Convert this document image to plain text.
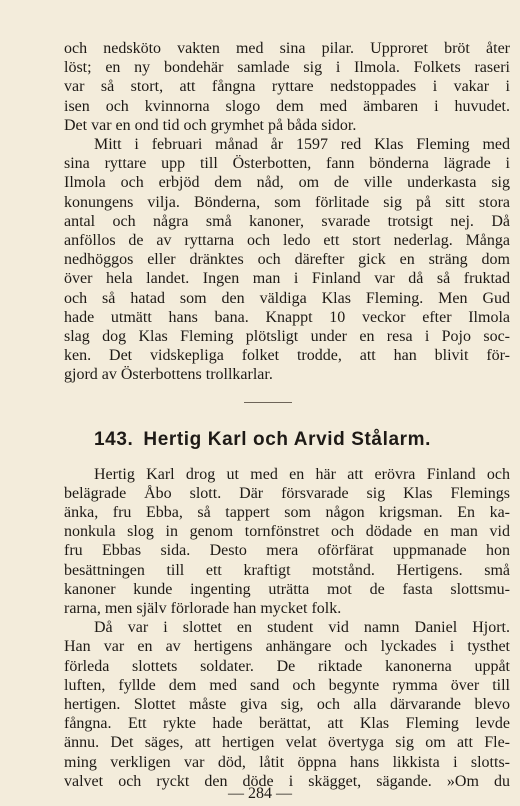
och nedsköto vakten med sina pilar. Upproret bröt åter
löst; en ny bondehär samlade sig i Ilmola. Folkets raseri
var så stort, att fångna ryttare nedstoppades i vakar i
isen och kvinnorna slogo dem med ämbaren i huvudet.
Det var en ond tid och grymhet på båda sidor.
Mitt i februari månad år 1597 red Klas Fleming med
sina ryttare upp till Österbotten, fann bönderna lägrade i
Ilmola och erbjöd dem nåd, om de ville underkasta sig
konungens vilja. Bönderna, som förlitade sig på sitt stora
antal och några små kanoner, svarade trotsigt nej. Då
anföllos de av ryttarna och ledo ett stort nederlag. Många
nedhöggos eller dränktes och därefter gick en sträng dom
över hela landet. Ingen man i Finland var då så fruktad
och så hatad som den väldiga Klas Fleming. Men Gud
hade utmätt hans bana. Knappt 10 veckor efter Ilmola
slag dog Klas Fleming plötsligt under en resa i Pojo soc-
ken. Det vidskepliga folket trodde, att han blivit för-
gjord av Österbottens trollkarlar.
143. Hertig Karl och Arvid Stålarm.
Hertig Karl drog ut med en här att erövra Finland och
belägrade Åbo slott. Där försvarade sig Klas Flemings
änka, fru Ebba, så tappert som någon krigsman. En ka-
nonkula slog in genom tornfönstret och dödade en man vid
fru Ebbas sida. Desto mera oförfärat uppmanade hon
besättningen till ett kraftigt motstånd. Hertigens. små
kanoner kunde ingenting uträtta mot de fasta slottsmu-
rarna, men själv förlorade han mycket folk.
Då var i slottet en student vid namn Daniel Hjort.
Han var en av hertigens anhängare och lyckades i tysthet
förleda slottets soldater. De riktade kanonerna uppåt
luften, fyllde dem med sand och begynte rymma över till
hertigen. Slottet måste giva sig, och alla därvarande blevo
fångna. Ett rykte hade berättat, att Klas Fleming levde
ännu. Det säges, att hertigen velat övertyga sig om att Fle-
ming verkligen var död, låtit öppna hans likkista i slotts-
valvet och ryckt den döde i skägget, sägande. »Om du
— 284 —
